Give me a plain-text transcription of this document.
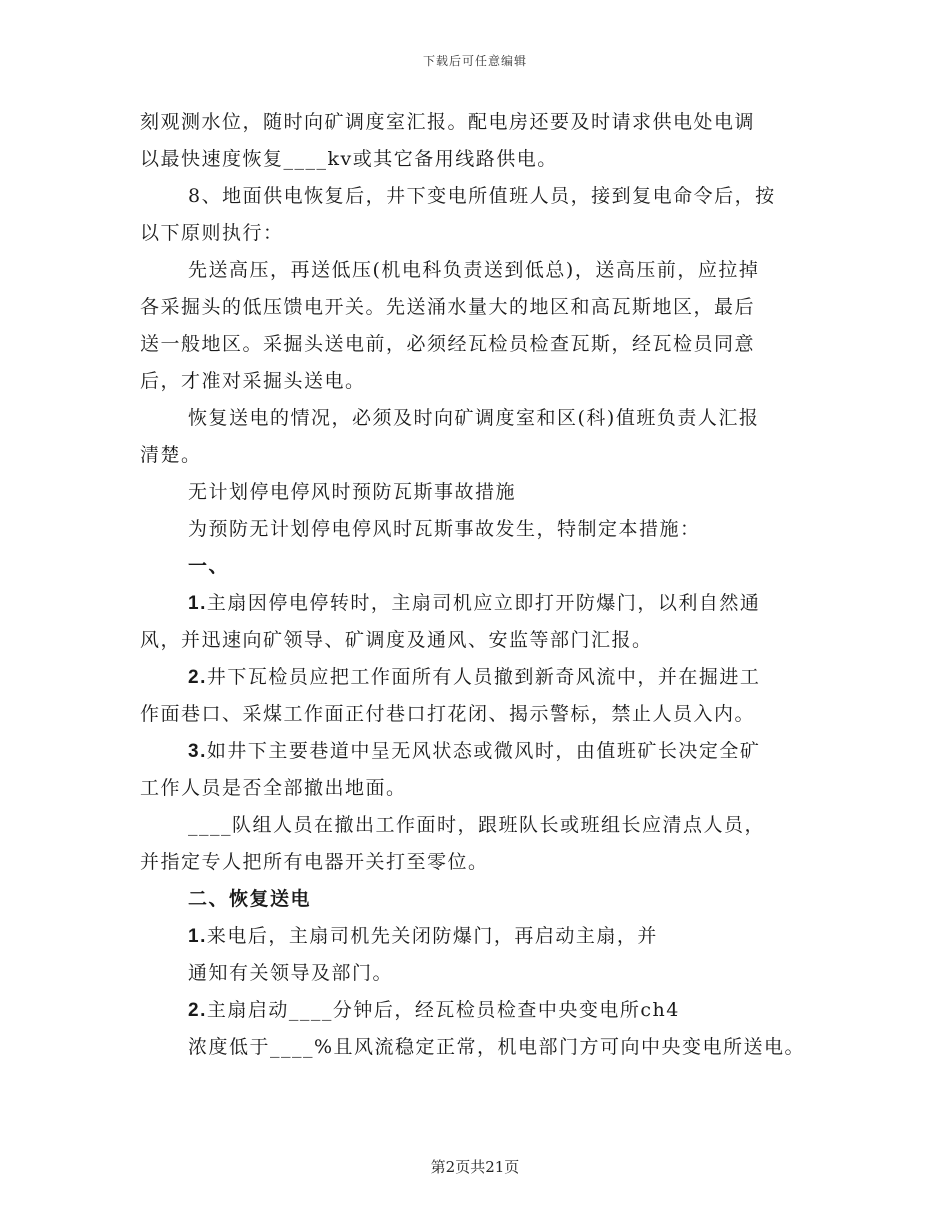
下载后可任意编辑
刻观测水位，随时向矿调度室汇报。配电房还要及时请求供电处电调
以最快速度恢复____kv或其它备用线路供电。
8、地面供电恢复后，井下变电所值班人员，接到复电命令后，按
以下原则执行：
先送高压，再送低压(机电科负责送到低总)，送高压前，应拉掉
各采掘头的低压馈电开关。先送涌水量大的地区和高瓦斯地区，最后
送一般地区。采掘头送电前，必须经瓦检员检查瓦斯，经瓦检员同意
后，才准对采掘头送电。
恢复送电的情况，必须及时向矿调度室和区(科)值班负责人汇报
清楚。
无计划停电停风时预防瓦斯事故措施
为预防无计划停电停风时瓦斯事故发生，特制定本措施：
一、
1.主扇因停电停转时，主扇司机应立即打开防爆门，以利自然通
风，并迅速向矿领导、矿调度及通风、安监等部门汇报。
2.井下瓦检员应把工作面所有人员撤到新奇风流中，并在掘进工
作面巷口、采煤工作面正付巷口打花闭、揭示警标，禁止人员入内。
3.如井下主要巷道中呈无风状态或微风时，由值班矿长决定全矿
工作人员是否全部撤出地面。
____队组人员在撤出工作面时，跟班队长或班组长应清点人员，
并指定专人把所有电器开关打至零位。
二、恢复送电
1.来电后，主扇司机先关闭防爆门，再启动主扇，并
通知有关领导及部门。
2.主扇启动____分钟后，经瓦检员检查中央变电所ch4
浓度低于____%且风流稳定正常，机电部门方可向中央变电所送电。
第2页共21页
